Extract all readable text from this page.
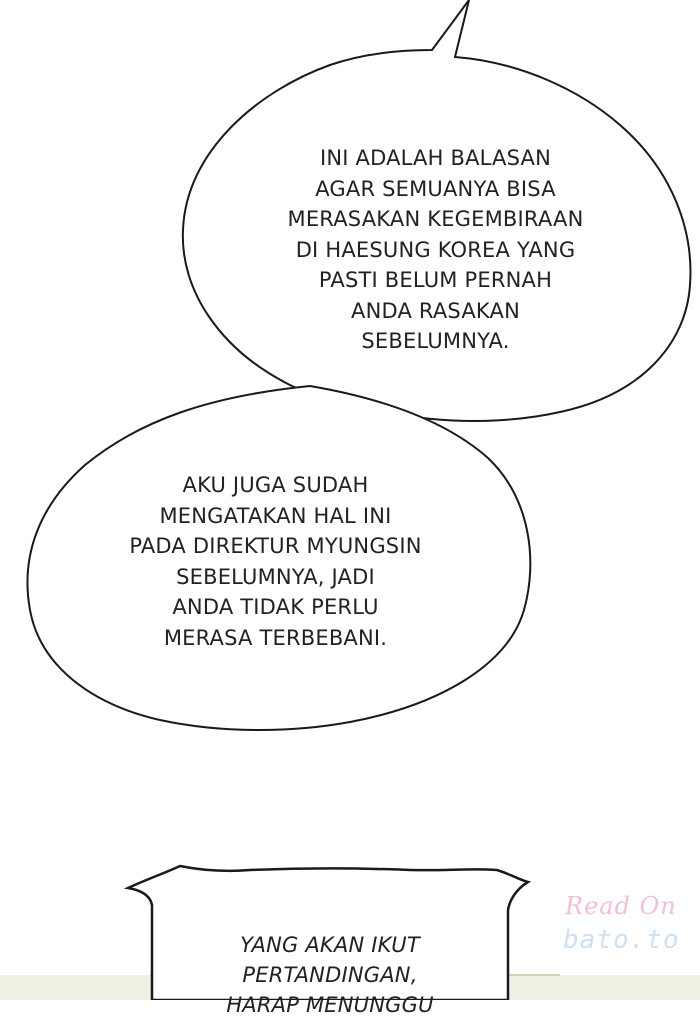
INI ADALAH BALASAN
AGAR SEMUANYA BISA
MERASAKAN KEGEMBIRAAN
DI HAESUNG KOREA YANG
PASTI BELUM PERNAH
ANDA RASAKAN
SEBELUMNYA.
AKU JUGA SUDAH
MENGATAKAN HAL INI
PADA DIREKTUR MYUNGSIN
SEBELUMNYA, JADI
ANDA TIDAK PERLU
MERASA TERBEBANI.
YANG AKAN IKUT
PERTANDINGAN,
HARAP MENUNGGU
Read On
bato.to
